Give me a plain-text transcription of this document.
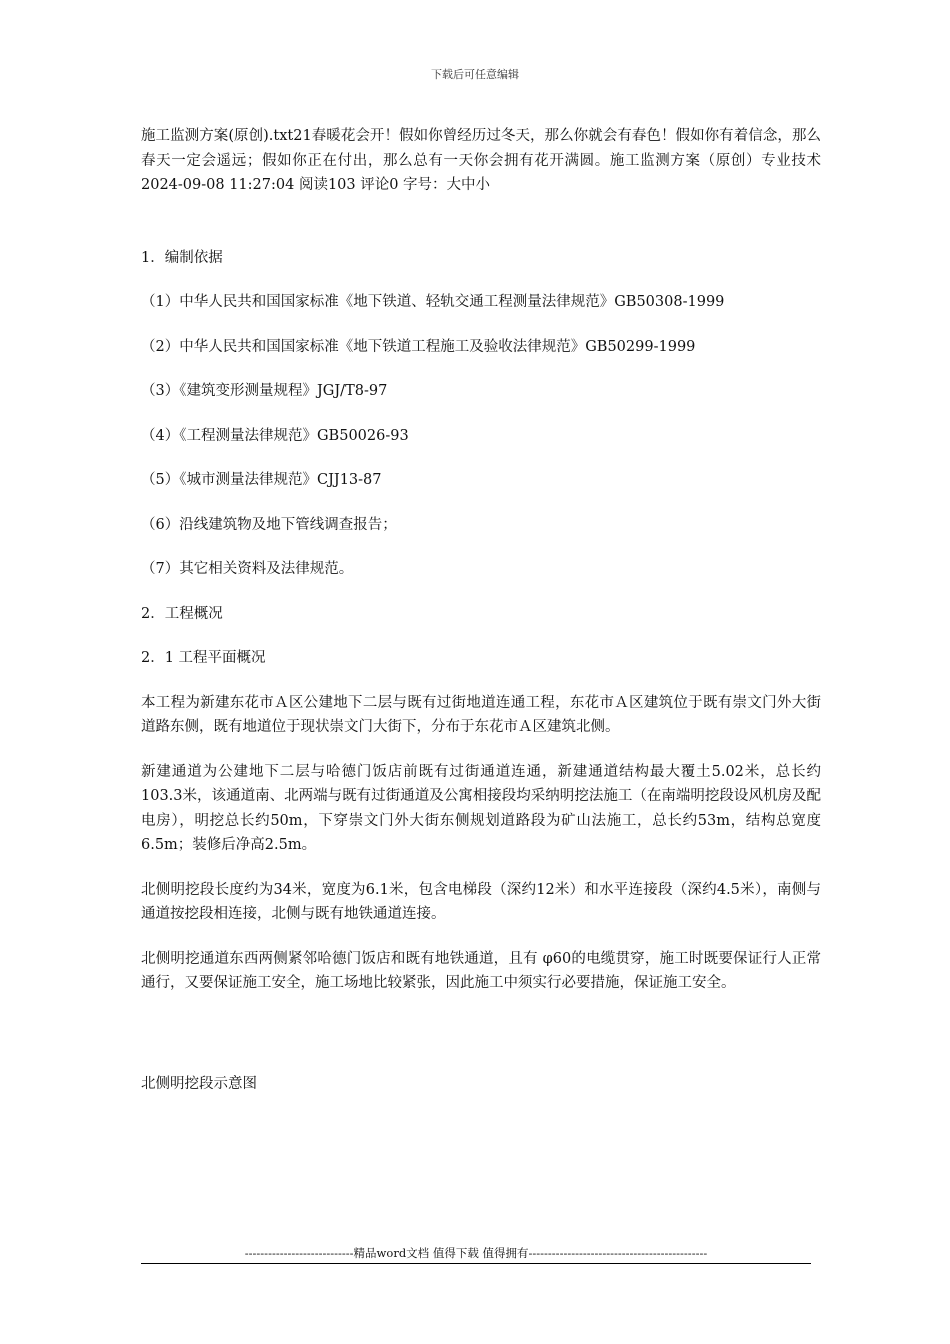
下载后可任意编辑

施工监测方案(原创).txt21春暖花会开！假如你曾经历过冬天，那么你就会有春色！假如你有着信念，那么春天一定会遥远；假如你正在付出，那么总有一天你会拥有花开满圆。施工监测方案（原创）专业技术 2024-09-08 11:27:04 阅读103 评论0 字号：大中小

1．编制依据

（1）中华人民共和国国家标准《地下铁道、轻轨交通工程测量法律规范》GB50308-1999

（2）中华人民共和国国家标准《地下铁道工程施工及验收法律规范》GB50299-1999

（3）《建筑变形测量规程》JGJ/T8-97

（4）《工程测量法律规范》GB50026-93

（5）《城市测量法律规范》CJJ13-87

（6）沿线建筑物及地下管线调查报告；

（7）其它相关资料及法律规范。

2．工程概况

2．1 工程平面概况

本工程为新建东花市Ａ区公建地下二层与既有过街地道连通工程，东花市Ａ区建筑位于既有崇文门外大街道路东侧，既有地道位于现状崇文门大街下，分布于东花市Ａ区建筑北侧。

新建通道为公建地下二层与哈德门饭店前既有过街通道连通，新建通道结构最大覆土5.02米，总长约103.3米，该通道南、北两端与既有过街通道及公寓相接段均采纳明挖法施工（在南端明挖段设风机房及配电房），明挖总长约50m，下穿崇文门外大街东侧规划道路段为矿山法施工，总长约53m，结构总宽度6.5m；装修后净高2.5m。

北侧明挖段长度约为34米，宽度为6.1米，包含电梯段（深约12米）和水平连接段（深约4.5米），南侧与通道按挖段相连接，北侧与既有地铁通道连接。

北侧明挖通道东西两侧紧邻哈德门饭店和既有地铁通道，且有 φ60的电缆贯穿，施工时既要保证行人正常通行，又要保证施工安全，施工场地比较紧张，因此施工中须实行必要措施，保证施工安全。

北侧明挖段示意图

----------------------------精品word文档 值得下载 值得拥有----------------------------------------------
